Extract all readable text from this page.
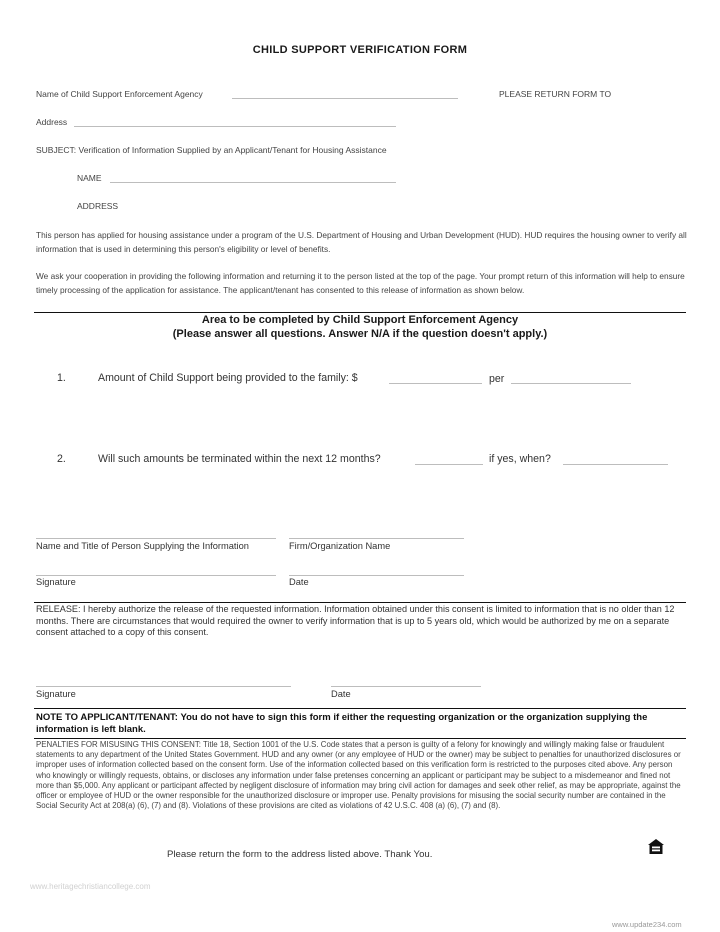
CHILD SUPPORT VERIFICATION FORM
Name of Child Support Enforcement Agency	PLEASE RETURN FORM TO
Address
SUBJECT: Verification of Information Supplied by an Applicant/Tenant for Housing Assistance
NAME
ADDRESS
This person has applied for housing assistance under a program of the U.S. Department of Housing and Urban Development (HUD). HUD requires the housing owner to verify all information that is used in determining this person's eligibility or level of benefits.
We ask your cooperation in providing the following information and returning it to the person listed at the top of the page. Your prompt return of this information will help to ensure timely processing of the application for assistance. The applicant/tenant has consented to this release of information as shown below.
Area to be completed by Child Support Enforcement Agency
(Please answer all questions. Answer N/A if the question doesn't apply.)
1.	Amount of Child Support being provided to the family: $	per
2.	Will such amounts be terminated within the next 12 months?	if yes, when?
Name and Title of Person Supplying the Information	Firm/Organization Name
Signature	Date
RELEASE: I hereby authorize the release of the requested information. Information obtained under this consent is limited to information that is no older than 12 months. There are circumstances that would required the owner to verify information that is up to 5 years old, which would be authorized by me on a separate consent attached to a copy of this consent.
Signature	Date
NOTE TO APPLICANT/TENANT: You do not have to sign this form if either the requesting organization or the organization supplying the information is left blank.
PENALTIES FOR MISUSING THIS CONSENT: Title 18, Section 1001 of the U.S. Code states that a person is guilty of a felony for knowingly and willingly making false or fraudulent statements to any department of the United States Government. HUD and any owner (or any employee of HUD or the owner) may be subject to penalties for unauthorized disclosures or improper uses of information collected based on the consent form. Use of the information collected based on this verification form is restricted to the purposes cited above. Any person who knowingly or willingly requests, obtains, or discloses any information under false pretenses concerning an applicant or participant may be subject to a misdemeanor and fined not more than $5,000. Any applicant or participant affected by negligent disclosure of information may bring civil action for damages and seek other relief, as may be appropriate, against the officer or employee of HUD or the owner responsible for the unauthorized disclosure or improper use. Penalty provisions for misusing the social security number are contained in the Social Security Act at 208(a) (6), (7) and (8). Violations of these provisions are cited as violations of 42 U.S.C. 408 (a) (6), (7) and (8).
Please return the form to the address listed above. Thank You.
www.heritagechristiancollege.com
www.update234.com
